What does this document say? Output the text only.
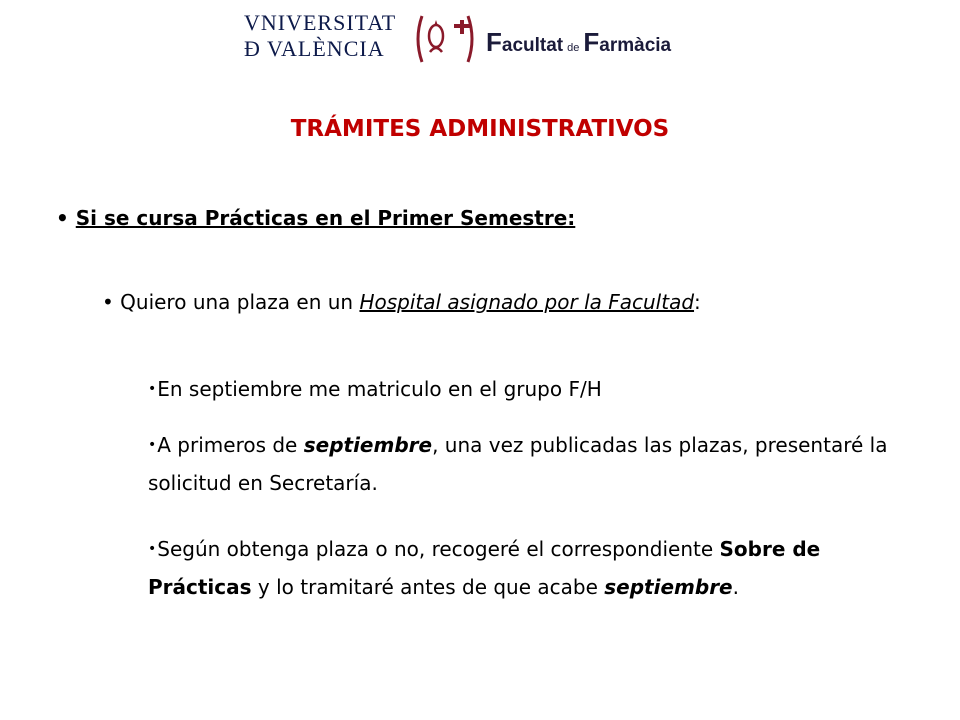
VNIVERSITAT
Ð VALÈNCIA	Facultat de Farmàcia
TRÁMITES ADMINISTRATIVOS
• Si se cursa Prácticas en el Primer Semestre:
• Quiero una plaza en un Hospital asignado por la Facultad:
•En septiembre me matriculo en el grupo F/H
•A primeros de septiembre, una vez publicadas las plazas, presentaré la solicitud en Secretaría.
•Según obtenga plaza o no, recogeré el correspondiente Sobre de Prácticas y lo tramitaré antes de que acabe septiembre.
